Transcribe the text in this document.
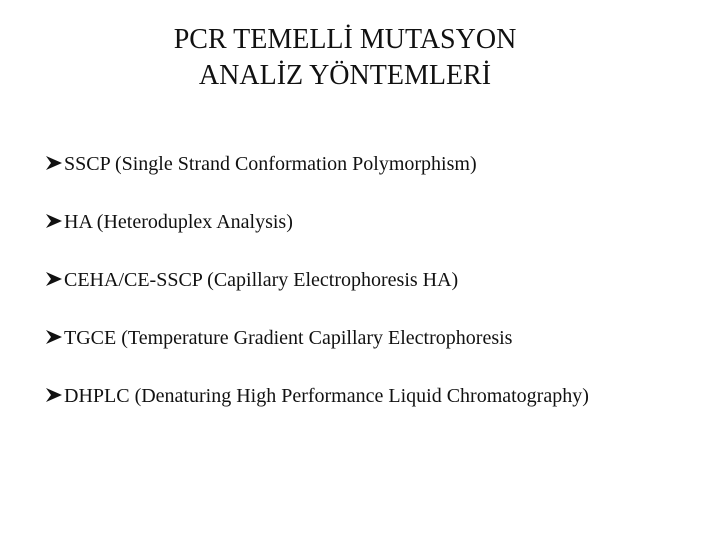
PCR TEMELLİ MUTASYON
ANALİZ YÖNTEMLERİ
SSCP (Single Strand Conformation Polymorphism)
HA (Heteroduplex Analysis)
CEHA/CE-SSCP (Capillary Electrophoresis HA)
TGCE (Temperature Gradient Capillary Electrophoresis
DHPLC (Denaturing High Performance Liquid Chromatography)
